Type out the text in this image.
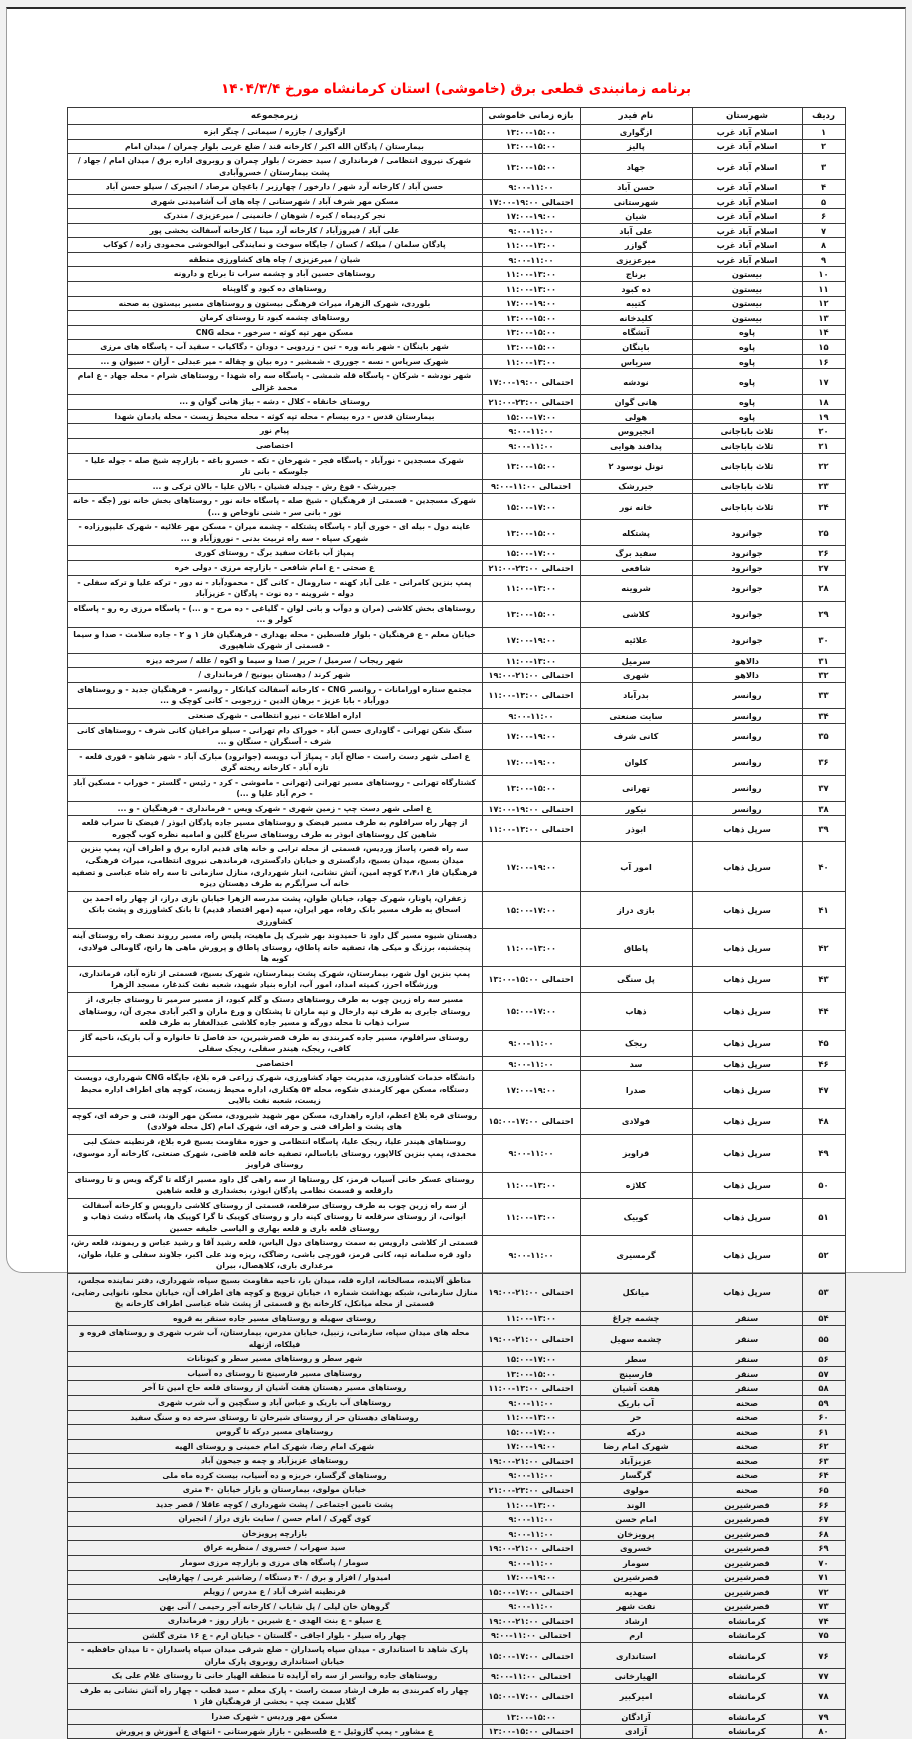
برنامه زمانبندی قطعی برق (خاموشی) استان کرمانشاه مورخ ۱۴۰۴/۳/۴
ردیف	شهرستان	نام فیدر	بازه زمانی خاموشی	زیرمجموعه
۱	اسلام آباد غرب	ازگواری	۱۳:۰۰-۱۵:۰۰	ازگواری / جازره / سیمانی / چنگر ابزه
۲	اسلام آباد غرب	پالیز	۱۳:۰۰-۱۵:۰۰	بیمارستان / پادگان الله اکبر / کارخانه قند / ضلع غربی بلوار چمران / میدان امام
۳	اسلام آباد غرب	جهاد	۱۳:۰۰-۱۵:۰۰	شهرک نیروی انتظامی / فرمانداری / سید حضرت / بلوار چمران و روبروی اداره برق / میدان امام / جهاد / پشت بیمارستان / خسروآبادی
۴	اسلام آباد غرب	حسن آباد	۹:۰۰-۱۱:۰۰	حسن آباد / کارخانه آرد شهر / دارخور / چهارزبر / باغچان مرصاد / انجیرک / سیلو حسن آباد
۵	اسلام آباد غرب	شهرستانی	احتمالی۱۷:۰۰-۱۹:۰۰	مسکن مهر شرف آباد / شهرستانی / چاه های آب آشامیدنی شهری
۶	اسلام آباد غرب	شیان	۱۷:۰۰-۱۹:۰۰	نجر کردیماه / کبره / شوهان / خانمینی / میرعزیزی / مندرک
۷	اسلام آباد غرب	علی آباد	۹:۰۰-۱۱:۰۰	علی آباد / فیروزآباد / کارخانه آرد مینا / کارخانه آسفالت بخشی پور
۸	اسلام آباد غرب	گوازر	۱۱:۰۰-۱۳:۰۰	پادگان سلمان / میلکه / کسان / جایگاه سوخت و نمایندگی ابوالخوشی محمودی زاده / کوکاب
۹	اسلام آباد غرب	میرعزیزی	۹:۰۰-۱۱:۰۰	شیان / میرعزیزی / چاه های کشاورزی منطقه
۱۰	بیستون	برناج	۱۱:۰۰-۱۳:۰۰	روستاهای حسین آباد و چشمه سراب تا برناج و دارونه
۱۱	بیستون	ده کبود	۱۱:۰۰-۱۳:۰۰	روستاهای ده کبود و گاوپناه
۱۲	بیستون	کتیبه	۱۷:۰۰-۱۹:۰۰	بلوردی، شهرک الزهرا، میراث فرهنگی بیستون و روستاهای مسیر بیستون به صحنه
۱۳	بیستون	کلیدخانه	۱۳:۰۰-۱۵:۰۰	روستاهای چشمه کبود تا روستای کرمان
۱۴	پاوه	آتشگاه	۱۳:۰۰-۱۵:۰۰	مسکن مهر تپه کوثه - سرخور - محله CNG
۱۵	پاوه	باینگان	۱۳:۰۰-۱۵:۰۰	شهر باینگان - شهر بانه وره - تین - زردویی - دودان - دگاکیاب - سفید آب - پاسگاه های مرزی
۱۶	پاوه	سریاس	۱۱:۰۰-۱۳:۰۰	شهرک سریاس - نسه - جورری - شمشیر - دره بیان و چقاله - میر عبدلی - آران - سیوان و ...
۱۷	پاوه	نودشه	احتمالی۱۷:۰۰-۱۹:۰۰	شهر نودشه - شرکان - پاسگاه قله شمشی - پاسگاه سه راه شهدا - روستاهای شرام - محله جهاد - ع امام محمد غزالی
۱۸	پاوه	هانی گوان	احتمالی۲۱:۰۰-۲۳:۰۰	روستای خانقاه - کلال - دشه - بیاژ هانی گوان و ...
۱۹	پاوه	هولی	۱۵:۰۰-۱۷:۰۰	بیمارستان قدس - دره بیسام - محله تپه کوثه - محله محیط زیست - محله یادمان شهدا
۲۰	ثلاث باباجانی	انجیروس	۹:۰۰-۱۱:۰۰	پیام نور
۲۱	ثلاث باباجانی	پدافند هوایی	۹:۰۰-۱۱:۰۰	اختصاصی
۲۲	ثلاث باباجانی	تونل نوسود ۲	۱۳:۰۰-۱۵:۰۰	شهرک مسجدین - نورآباد - پاسگاه فجر - شهرخان - تکه - خسرو باغه - بازارچه شیخ صله - جوله علیا - جلوسکه - بانی تار
۲۳	ثلاث باباجانی	جیررشک	احتمالی۹:۰۰-۱۱:۰۰	جیررشک - قوغ رش - چیدله فشیان - بالان علیا - بالان ترکی و ...
۲۴	ثلاث باباجانی	خانه نور	۱۵:۰۰-۱۷:۰۰	شهرک مسجدین - قسمتی از فرهنگیان - شیخ صله - پاسگاه خانه نور - روستاهای بخش خانه نور (جگه - خانه نور - بانی سر - شنی ناوخاص و ...)
۲۵	جوانرود	پشتکله	۱۳:۰۰-۱۵:۰۰	عاینه دول - بیله ای - خوری آباد - پاسگاه پشتکله - چشمه میران - مسکن مهر علائیه - شهرک علیپورزاده - شهرک سپاه - سه راه تربیت بدنی - نوروزآباد و ...
۲۶	جوانرود	سفید برگ	۱۵:۰۰-۱۷:۰۰	پمپاژ آب باغات سفید برگ - روستای کوری
۲۷	جوانرود	شافعی	احتمالی۲۱:۰۰-۲۳:۰۰	ع صحتی - ع امام شافعی - بازارچه مرزی - دولی خره
۲۸	جوانرود	شروینه	۱۱:۰۰-۱۳:۰۰	پمپ بنزین کامرانی - علی آباد کهنه - سارومال - کانی گل - محمودآباد - نه دور - ترکه علیا و ترکه سفلی - دوله - شروینه - ده نوت - پادگان - عزیزآباد
۲۹	جوانرود	کلاشی	۱۳:۰۰-۱۵:۰۰	روستاهای بخش کلاشی (مران و دوآب و بانی لوان - گلیاغی - ده مرج - و ...) - پاسگاه مرزی ره رو - پاسگاه کولر و ...
۳۰	جوانرود	علائیه	۱۷:۰۰-۱۹:۰۰	خیابان معلم - ع فرهنگیان - بلوار فلسطین - محله بهداری - فرهنگیان فاز ۱ و ۲ - جاده سلامت - صدا و سیما - قسمتی از شهرک شاهپوری
۳۱	دالاهو	سرمیل	۱۱:۰۰-۱۳:۰۰	شهر ریجاب / سرمیل / حریر / صدا و سیما و اکوه / علله / سرخه دیزه
۳۲	دالاهو	شهری	احتمالی۱۹:۰۰-۲۱:۰۰	شهر کرند / دهستان بیونیج / فرمانداری /
۳۳	روانسر	بدرآباد	احتمالی۱۱:۰۰-۱۳:۰۰	مجتمع ستاره اورامانات - روانسر CNG - کارخانه آسفالت کیانکار - روانسر - فرهنگیان جدید - و روستاهای دورآباد - بابا عزیز - برهان الدین - زرجوبی - کانی کوچک و ...
۳۴	روانسر	سایت صنعتی	۹:۰۰-۱۱:۰۰	اداره اطلاعات - نیرو انتظامی - شهرک صنعتی
۳۵	روانسر	کانی شرف	۱۷:۰۰-۱۹:۰۰	سنگ شکن تهرانی - گاوداری حسن آباد - خوراک دام تهرانی - سیلو مراغیان کانی شرف - روستاهای کانی شرف - آسنگران - سنگان و ...
۳۶	روانسر	کلوان	۱۷:۰۰-۱۹:۰۰	ع اصلی شهر دست راست - صالح آباد - پمپاژ آب دویسه (جوانرود) مبارک آباد - شهر شاهو - قوری قلعه - تازه آباد - کارخانه ریخته گری
۳۷	روانسر	تهرانی	۱۳:۰۰-۱۵:۰۰	کشتارگاه تهرانی - روستاهای مسیر تهرانی (تهرانی - ماموشی - کرد - رئیس - گلستر - خوراب - مسکین آباد - خرم آباد علیا و ...)
۳۸	روانسر	نیکور	احتمالی۱۷:۰۰-۱۹:۰۰	ع اصلی شهر دست چپ - زمین شهری - شهرک ویس - فرمانداری - فرهنگیان - و ...
۳۹	سرپل ذهاب	ابوذر	احتمالی۱۱:۰۰-۱۳:۰۰	از چهار راه سرافلوم به طرف مسیر فیضک و روستاهای مسیر جاده پادگان ابوذر / فیضک تا سراب قلعه شاهین کل روستاهای ابوذر به طرف روستاهای سرباغ گلین و امامیه نظره کوب گجوره
۴۰	سرپل ذهاب	امور آب	۱۷:۰۰-۱۹:۰۰	سه راه قصر، پاساژ وردیس، قسمتی از محله ترابی و خانه های قدیم اداره برق و اطراف آن، پمپ بنزین میدان بسیج، میدان بسیج، دادگستری و خیابان دادگستری، فرماندهی نیروی انتظامی، میراث فرهنگی، فرهنگیان فاز ۲،۴،۱ کوچه امین، آتش نشانی، انبار شهرداری، منازل سازمانی تا سه راه شاه عباسی و تصفیه خانه آب سرآبگرم به طرف دهستان دیزه
۴۱	سرپل ذهاب	بازی دراز	۱۵:۰۰-۱۷:۰۰	زعفران، پاونار، شهرک جهاد، خیابان طوان، پشت مدرسه الزهرا خیابان بازی دراز، از چهار راه احمد بن اسحاق به طرف مسیر بانک رفاه، مهر ایران، سپه (مهر اقتصاد قدیم) تا بانک کشاورزی و پشت بانک کشاورزی
۴۲	سرپل ذهاب	پاطاق	۱۱:۰۰-۱۳:۰۰	دهستان شیوه مسیر گل داود تا حمیدوند بهر شیرک پل ماهیت، پلیس راه، مسیر رروند نصف راه روستای آینه پنجشنبه، برزنگ و میکی ها، تصفیه خانه پاطاق، روستای پاطاق و پرورش ماهی ها رانح، گاومالی فولادی، کوبه ها
۴۳	سرپل ذهاب	پل سنگی	احتمالی۱۳:۰۰-۱۵:۰۰	پمپ بنزین اول شهر، بیمارستان، شهرک پشت بیمارستان، شهرک بسیج، قسمتی از تازه آباد، فرمانداری، ورزشگاه احرز، کمیته امداد، امور آب، اداره بنیاد شهید، شعبه نفت کندغار، مسجد الزهرا
۴۴	سرپل ذهاب	ذهاب	۱۵:۰۰-۱۷:۰۰	مسیر سه راه زرین چوب به طرف روستاهای دستک و گلم کبود، از مسیر سرمیر تا روستای جابری، از روستای جابری به طرف تپه دارخال و تپه ماران تا پشتکان و ورع ماران و اکبر آبادی مجری آن، روستاهای سراب ذهاب تا محله دورگه و مسیر جاده کلاشی عبدالغفار به طرف قلعه
۴۵	سرپل ذهاب	ریجک	۹:۰۰-۱۱:۰۰	روستای سرافلوم، مسیر جاده کمربندی به طرف قصرشیرین، حد فاصل تا خانواره و آب باریک، ناحیه گاز کافی، ریجک، هیندر سفلی، ریجک سفلی
۴۶	سرپل ذهاب	سد	۹:۰۰-۱۱:۰۰	اختصاصی
۴۷	سرپل ذهاب	صدرا	۱۷:۰۰-۱۹:۰۰	دانشگاه خدمات کشاورزی، مدیریت جهاد کشاورزی، شهرک زراعی قره بلاغ، جایگاه CNG شهرداری، دویست دستگاه، مسکن مهر کارمندی شکوه، محله ۵۴ هکتاری، اداره محیط زیست، کوچه های اطراف اداره محیط زیست، شعبه نفت بالایی
۴۸	سرپل ذهاب	فولادی	احتمالی۱۵:۰۰-۱۷:۰۰	روستای قره بلاغ اعظم، اداره راهداری، مسکن مهر شهید شیرودی، مسکن مهر الوند، فنی و حرفه ای، کوچه های پشت و اطراف فنی و حرفه ای، شهرک امام (کل محله فولادی)
۴۹	سرپل ذهاب	قراویز	۹:۰۰-۱۱:۰۰	روستاهای هیندر علیا، ریجک علیا، پاسگاه انتظامی و حوزه مقاومت بسیج قره بلاغ، قرنطینه خشک لبی محمدی، پمپ بنزین کالاپور، روستای باباسالم، تصفیه خانه قلعه قاضی، شهرک صنعتی، کارخانه آرد موسوی، روستای قراویز
۵۰	سرپل ذهاب	کلاژه	۱۱:۰۰-۱۳:۰۰	روستای عسکر خانی آسیاب قرمز، کل روستاها از سه راهی گل داود مسیر ازگله تا گرگه ویس و تا روستای دارقلعه و قسمت نظامی پادگان ابوذر، بخشداری و قلعه شاهین
۵۱	سرپل ذهاب	کوییک	۱۱:۰۰-۱۳:۰۰	از سه راه زرین چوب به طرف روستای سرقلعه، قسمتی از روستای کلاشی دارویس و کارخانه آسفالت ابوانی، از روستای سرقلعه تا روستای کپنه دار و روستای کوییک تا گرا کوییک ها، پاسگاه دشت ذهاب و روستای قلعه باری و قلعه بهاری و الیاسی خلیفه حسین
۵۲	سرپل ذهاب	گرمسیری	۹:۰۰-۱۱:۰۰	قسمتی از کلاشی دارویس به سمت روستاهای دول الیاس، قلعه رشید آقا و رشید عباس و ریموند، قلعه رش، داود قره سلمانه تپه، کانی قرمز، قورچی باشی، رضاگک، ریزه وند علی اکبر، جلاوند سفلی و علیا، طوان، مرغداری باری، کلاهصال، بیران
۵۳	سرپل ذهاب	میانکل	احتمالی۱۹:۰۰-۲۱:۰۰	مناطق آلاینده، مسالخانه، اداره قله، میدان بار، ناحیه مقاومت بسیج سپاه، شهرداری، دفتر نماینده مجلس، منازل سازمانی، شبکه بهداشت شماره ۱، خیابان ترویج و کوچه های اطراف آن، خیابان محلو، نانوایی رضایی، قسمتی از محله میانکل، کارخانه یخ و قسمتی از پشت شاه عباسی اطراف کارخانه یخ
۵۴	سنقر	چشمه چراغ	۱۱:۰۰-۱۳:۰۰	روستای سهیله و روستاهای مسیر جاده سنقر به قروه
۵۵	سنقر	چشمه سهیل	احتمالی۱۹:۰۰-۲۱:۰۰	محله های میدان سپاه، سازمانی، زنبیل، خیابان مدرس، بیمارستان، آب شرب شهری و روستاهای قروه و فیلکاه، ازنهله
۵۶	سنقر	سطر	۱۵:۰۰-۱۷:۰۰	شهر سطر و روستاهای مسیر سطر و کیونانات
۵۷	سنقر	فارسینج	۱۳:۰۰-۱۵:۰۰	روستاهای مسیر فارسینج تا روستای ده آسیاب
۵۸	سنقر	هفت آشیان	احتمالی۱۱:۰۰-۱۳:۰۰	روستاهای مسیر دهستان هفت آشیان از روستای قلعه حاج امین تا آخر
۵۹	صحنه	آب باریک	۹:۰۰-۱۱:۰۰	روستاهای آب باریک و عباس آباد و سنگچین و آب شرب شهری
۶۰	صحنه	حر	۱۱:۰۰-۱۳:۰۰	روستاهای دهستان حر از روستای شیرخان تا روستای سرخه ده و سنگ سفید
۶۱	صحنه	درکه	۱۵:۰۰-۱۷:۰۰	روستاهای مسیر درکه تا گروس
۶۲	صحنه	شهرک امام رضا	۱۷:۰۰-۱۹:۰۰	شهرک امام رضا، شهرک امام خمینی و روستای الهیه
۶۳	صحنه	عزیزآباد	احتمالی۱۹:۰۰-۲۱:۰۰	روستاهای عزیزآباد و چمه و جیحون آباد
۶۴	صحنه	گرگسار	۹:۰۰-۱۱:۰۰	روستاهای گرگسار، خربزه و ده آسیاب، بیست کرده ماه ملی
۶۵	صحنه	مولوی	احتمالی۲۱:۰۰-۲۳:۰۰	خیابان مولوی، بیمارستان و بازار خیابان ۴۰ متری
۶۶	قصرشیرین	الوند	۱۱:۰۰-۱۳:۰۰	پشت تامین اجتماعی / پشت شهرداری / کوچه عاقلا / قصر جدید
۶۷	قصرشیرین	امام حسن	۹:۰۰-۱۱:۰۰	کوی گهرک / امام حسن / سایت بازی دراز / انجیران
۶۸	قصرشیرین	پرویزخان	۹:۰۰-۱۱:۰۰	بازارچه پرویزخان
۶۹	قصرشیرین	خسروی	احتمالی۱۹:۰۰-۲۱:۰۰	سید سهراب / خسروی / منظریه عراق
۷۰	قصرشیرین	سومار	۹:۰۰-۱۱:۰۰	سومار / پاسگاه های مرزی و بازارچه مرزی سومار
۷۱	قصرشیرین	قصرشیرین	۱۷:۰۰-۱۹:۰۰	امیدوار / افزار و برق / ۴۰ دستگاه / رضاشیر غربی / چهارقاپی
۷۲	قصرشیرین	مهدیه	احتمالی۱۵:۰۰-۱۷:۰۰	قرنطینه اشرف آباد / ع مدرس / زویلم
۷۳	قصرشیرین	نفت شهر	۹:۰۰-۱۱:۰۰	گروهان خان لیلی / پل شاباب / کارخانه آجر رحیمی / آنی بهن
۷۴	کرمانشاه	ارشاد	احتمالی۱۹:۰۰-۲۱:۰۰	ع سیلو - ع بنت الهدی - ع شیرین - بازار روز - فرمانداری
۷۵	کرمانشاه	ارم	احتمالی۹:۰۰-۱۱:۰۰	چهار راه سیلر - بلوار اجاقی - گلستان - خیابان ارم - ع ۱۶ متری گلشن
۷۶	کرمانشاه	استانداری	احتمالی۱۵:۰۰-۱۷:۰۰	پارک شاهد تا استانداری - میدان سپاه پاسداران - ضلع شرقی میدان سپاه پاسداران - تا میدان حافظیه - خیابان استانداری روبروی پارک ماران
۷۷	کرمانشاه	الهیارخانی	احتمالی۹:۰۰-۱۱:۰۰	روستاهای جاده روانسر از سه راه آرایده تا منطقه الهیار خانی تا روستای غلام علی یک
۷۸	کرمانشاه	امیرکبیر	احتمالی۱۵:۰۰-۱۷:۰۰	چهار راه کمربندی به طرف ارشاد سمت راست - پارک معلم - سید قطب - چهار راه آتش نشانی به طرف گلایل سمت چپ - بخشی از فرهنگیان فاز ۱
۷۹	کرمانشاه	آزادگان	۱۳:۰۰-۱۵:۰۰	مسکن مهر وردیس - شهرک صدرا
۸۰	کرمانشاه	آزادی	احتمالی۱۳:۰۰-۱۵:۰۰	ع مشاور - پمپ گازوئیل - ع فلسطین - بازار شهرستانی - انتهای ع آموزش و پرورش
